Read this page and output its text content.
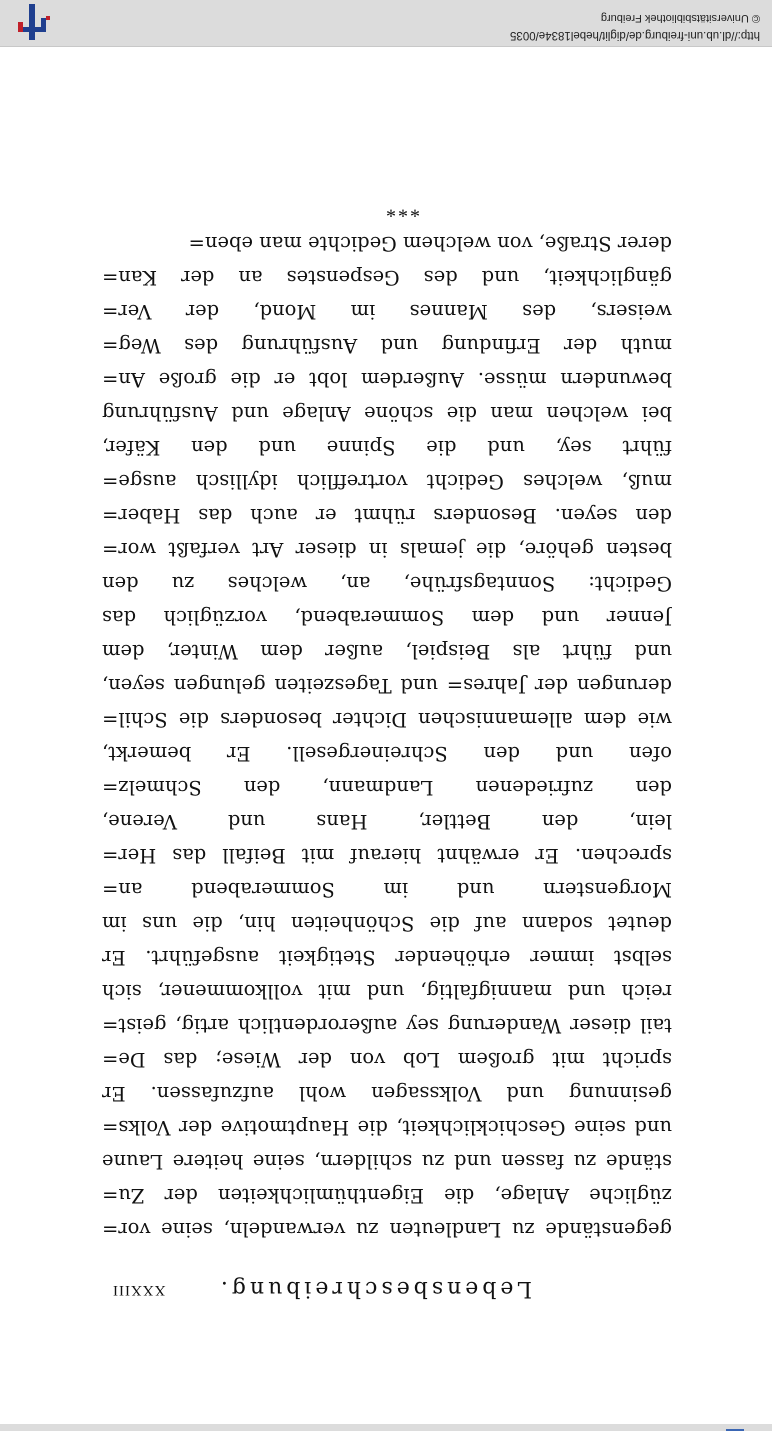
Lebensbeschreibung.
XXXIII
gegenstände zu Landleuten zu verwandeln, seine vor=
zügliche Anlage, die Eigenthümlichkeiten der Zu=
stände zu fassen und zu schildern, seine heitere Laune
und seine Geschicklichkeit, die Hauptmotive der Volks=
gesinnung und Volkssagen wohl aufzufassen. Er
spricht mit großem Lob von der Wiese; das De=
tail dieser Wanderung sey außerordentlich artig, geist=
reich und mannigfaltig, und mit vollkommener, sich
selbst immer erhöhender Stetigkeit ausgeführt. Er
deutet sodann auf die Schönheiten hin, die uns im
Morgenstern und im Sommerabend an=
sprechen. Er erwähnt hierauf mit Beifall das Her=
lein, den Bettler, Hans und Verene,
den zufriedenen Landmann, den Schmelz=
ofen und den Schreinergesell. Er bemerkt,
wie dem allemannischen Dichter besonders die Schil=
derungen der Jahres= und Tageszeiten gelungen seyen,
und führt als Beispiel, außer dem Winter, dem
Jenner und dem Sommerabend, vorzüglich das
Gedicht: Sonntagsfrühe, an, welches zu den
besten gehöre, die jemals in dieser Art verfaßt wor=
den seyen. Besonders rühmt er auch das Haber=
muß, welches Gedicht vortrefflich idyllisch ausge=
führt sey, und die Spinne und den Käfer,
bei welchen man die schöne Anlage und Ausführung
bewundern müsse. Außerdem lobt er die große An=
muth der Erfindung und Ausführung des Weg=
weisers, des Mannes im Mond, der Ver=
gänglichkeit, und des Gespenstes an der Kan=
derer Straße, von welchem Gedichte man eben=
***
http://dl.ub.uni-freiburg.de/diglit/hebel1834e/0035
© Universitätsbibliothek Freiburg
